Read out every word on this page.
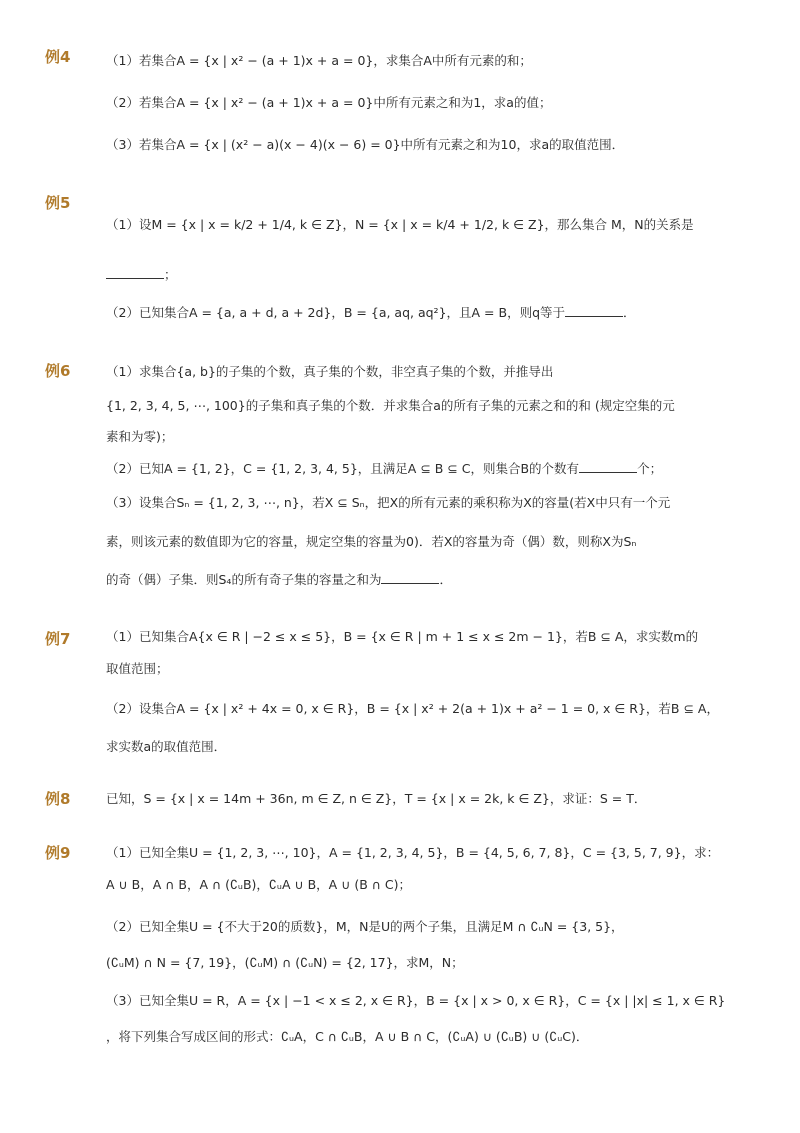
例4	（1）若集合A = {x | x² − (a + 1)x + a = 0}，求集合A中所有元素的和；
（2）若集合A = {x | x² − (a + 1)x + a = 0}中所有元素之和为1，求a的值；
（3）若集合A = {x | (x² − a)(x − 4)(x − 6) = 0}中所有元素之和为10，求a的取值范围．
例5
（1）设M = {x | x = k/2 + 1/4, k ∈ Z}，N = {x | x = k/4 + 1/2, k ∈ Z}，那么集合 M，N的关系是
；
（2）已知集合A = {a, a + d, a + 2d}，B = {a, aq, aq²}，且A = B，则q等于	．
例6	（1）求集合{a, b}的子集的个数，真子集的个数，非空真子集的个数，并推导出
{1, 2, 3, 4, 5, ⋯, 100}的子集和真子集的个数．并求集合a的所有子集的元素之和的和 (规定空集的元
素和为零)；
（2）已知A = {1, 2}，C = {1, 2, 3, 4, 5}，且满足A ⊆ B ⊆ C，则集合B的个数有	个；
（3）设集合Sₙ = {1, 2, 3, ⋯, n}，若X ⊆ Sₙ，把X的所有元素的乘积称为X的容量(若X中只有一个元
素，则该元素的数值即为它的容量，规定空集的容量为0)．若X的容量为奇（偶）数，则称X为Sₙ
的奇（偶）子集．则S₄的所有奇子集的容量之和为	．
例7	（1）已知集合A{x ∈ R | −2 ≤ x ≤ 5}，B = {x ∈ R | m + 1 ≤ x ≤ 2m − 1}，若B ⊆ A，求实数m的
取值范围；
（2）设集合A = {x | x² + 4x = 0, x ∈ R}，B = {x | x² + 2(a + 1)x + a² − 1 = 0, x ∈ R}，若B ⊆ A，
求实数a的取值范围．
例8	已知，S = {x | x = 14m + 36n, m ∈ Z, n ∈ Z}，T = {x | x = 2k, k ∈ Z}，求证：S = T．
例9	（1）已知全集U = {1, 2, 3, ⋯, 10}，A = {1, 2, 3, 4, 5}，B = {4, 5, 6, 7, 8}，C = {3, 5, 7, 9}，求：
A ∪ B，A ∩ B，A ∩ (∁ᵤB)，∁ᵤA ∪ B，A ∪ (B ∩ C)；
（2）已知全集U = {不大于20的质数}，M，N是U的两个子集，且满足M ∩ ∁ᵤN = {3, 5}，
(∁ᵤM) ∩ N = {7, 19}，(∁ᵤM) ∩ (∁ᵤN) = {2, 17}，求M，N；
（3）已知全集U = R，A = {x | −1 < x ≤ 2, x ∈ R}，B = {x | x > 0, x ∈ R}，C = {x | |x| ≤ 1, x ∈ R}
，将下列集合写成区间的形式：∁ᵤA，C ∩ ∁ᵤB，A ∪ B ∩ C，(∁ᵤA) ∪ (∁ᵤB) ∪ (∁ᵤC)．
